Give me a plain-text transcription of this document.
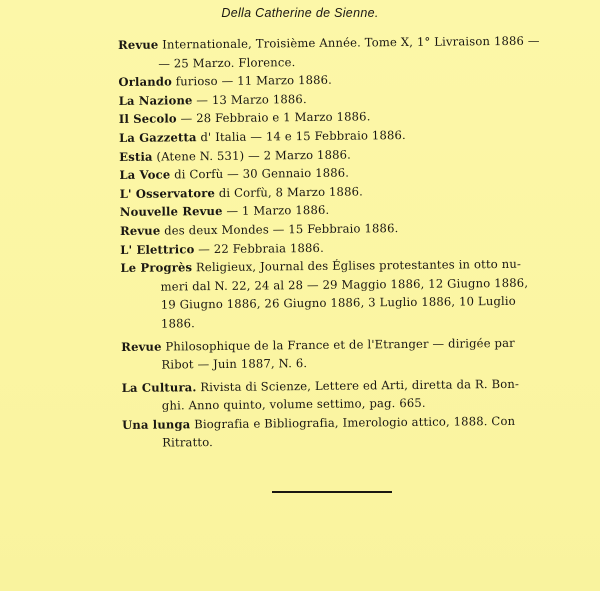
Della Catherine de Sienne.
Revue Internationale, Troisième Année. Tome X, 1° Livraison 1886 —
— 25 Marzo. Florence.
Orlando furioso — 11 Marzo 1886.
La Nazione — 13 Marzo 1886.
Il Secolo — 28 Febbraio e 1 Marzo 1886.
La Gazzetta d' Italia — 14 e 15 Febbraio 1886.
Estia (Atene N. 531) — 2 Marzo 1886.
La Voce di Corfù — 30 Gennaio 1886.
L' Osservatore di Corfù, 8 Marzo 1886.
Nouvelle Revue — 1 Marzo 1886.
Revue des deux Mondes — 15 Febbraio 1886.
L' Elettrico — 22 Febbraia 1886.
Le Progrès Religieux, Journal des Églises protestantes in otto nu-
meri dal N. 22, 24 al 28 — 29 Maggio 1886, 12 Giugno 1886,
19 Giugno 1886, 26 Giugno 1886, 3 Luglio 1886, 10 Luglio
1886.
Revue Philosophique de la France et de l'Etranger — dirigée par
Ribot — Juin 1887, N. 6.
La Cultura. Rivista di Scienze, Lettere ed Arti, diretta da R. Bon-
ghi. Anno quinto, volume settimo, pag. 665.
Una lunga Biografia e Bibliografia, Imerologio attico, 1888. Con
Ritratto.
